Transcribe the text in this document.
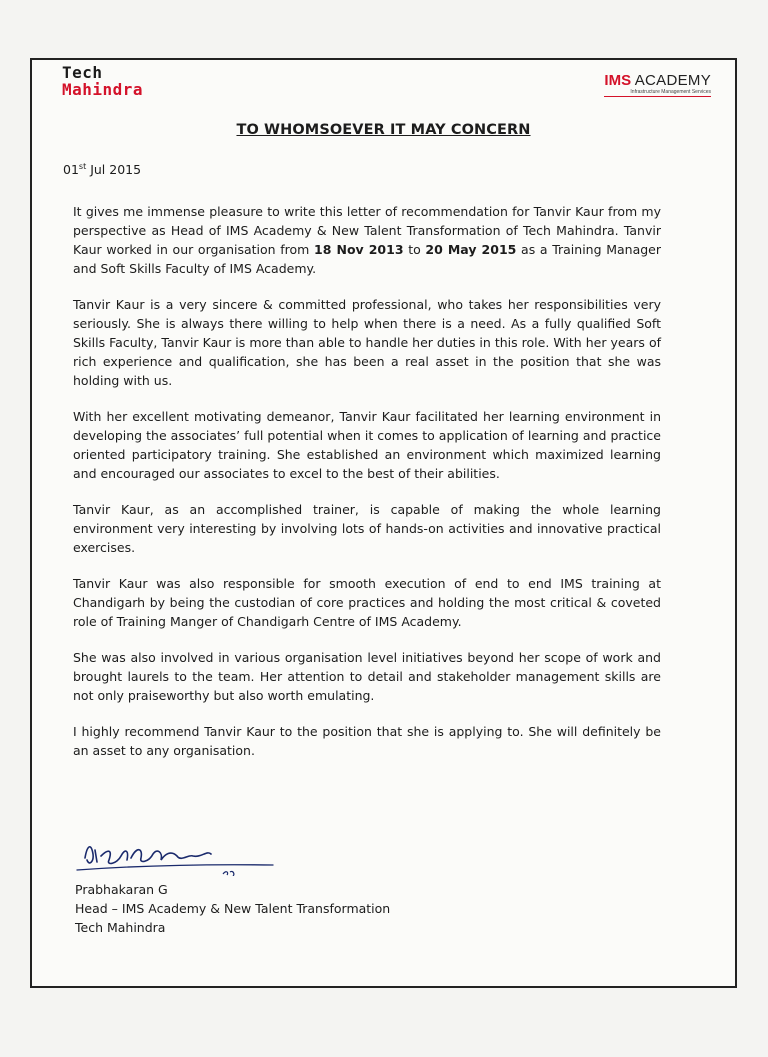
Tech
Mahindra	IMS ACADEMY
Infrastructure Management Services
TO WHOMSOEVER IT MAY CONCERN
01st Jul 2015

It gives me immense pleasure to write this letter of recommendation for Tanvir Kaur from my perspective as Head of IMS Academy & New Talent Transformation of Tech Mahindra. Tanvir Kaur worked in our organisation from 18 Nov 2013 to 20 May 2015 as a Training Manager and Soft Skills Faculty of IMS Academy.

Tanvir Kaur is a very sincere & committed professional, who takes her responsibilities very seriously. She is always there willing to help when there is a need. As a fully qualified Soft Skills Faculty, Tanvir Kaur is more than able to handle her duties in this role. With her years of rich experience and qualification, she has been a real asset in the position that she was holding with us.

With her excellent motivating demeanor, Tanvir Kaur facilitated her learning environment in developing the associates’ full potential when it comes to application of learning and practice oriented participatory training. She established an environment which maximized learning and encouraged our associates to excel to the best of their abilities.

Tanvir Kaur, as an accomplished trainer, is capable of making the whole learning environment very interesting by involving lots of hands-on activities and innovative practical exercises.

Tanvir Kaur was also responsible for smooth execution of end to end IMS training at Chandigarh by being the custodian of core practices and holding the most critical & coveted role of Training Manger of Chandigarh Centre of IMS Academy.

She was also involved in various organisation level initiatives beyond her scope of work and brought laurels to the team. Her attention to detail and stakeholder management skills are not only praiseworthy but also worth emulating.

I highly recommend Tanvir Kaur to the position that she is applying to. She will definitely be an asset to any organisation.

Prabhakaran G
Head – IMS Academy & New Talent Transformation
Tech Mahindra
